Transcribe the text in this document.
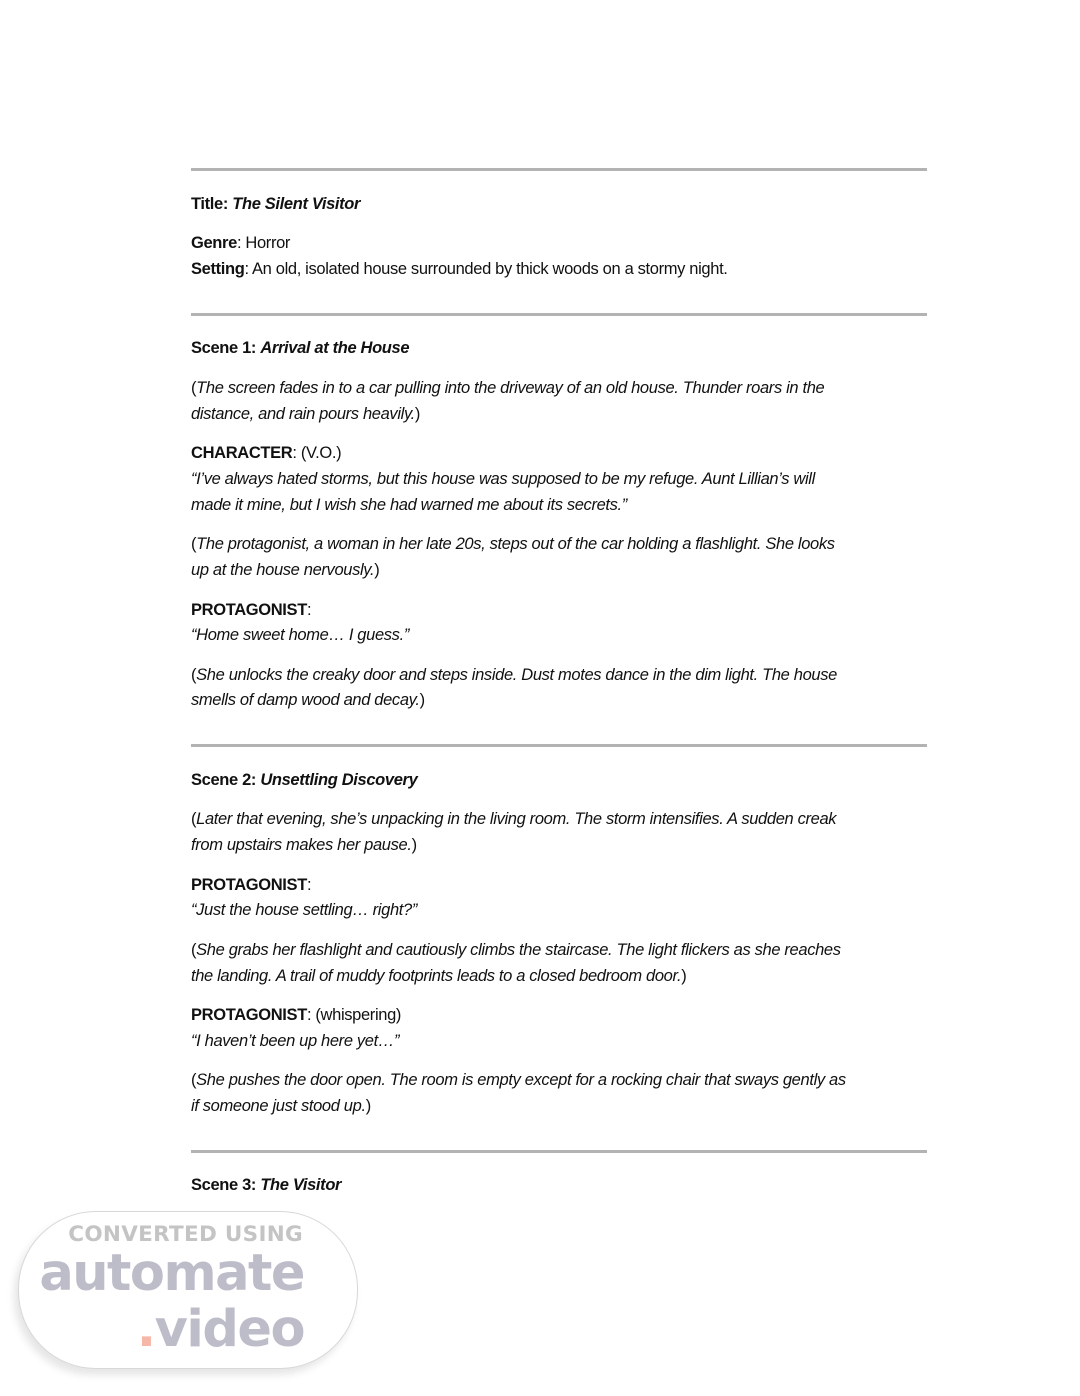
Title: The Silent Visitor
Genre: Horror
Setting: An old, isolated house surrounded by thick woods on a stormy night.
Scene 1: Arrival at the House
(The screen fades in to a car pulling into the driveway of an old house. Thunder roars in the
distance, and rain pours heavily.)
CHARACTER: (V.O.)
“I’ve always hated storms, but this house was supposed to be my refuge. Aunt Lillian’s will
made it mine, but I wish she had warned me about its secrets.”
(The protagonist, a woman in her late 20s, steps out of the car holding a flashlight. She looks
up at the house nervously.)
PROTAGONIST:
“Home sweet home… I guess.”
(She unlocks the creaky door and steps inside. Dust motes dance in the dim light. The house
smells of damp wood and decay.)
Scene 2: Unsettling Discovery
(Later that evening, she’s unpacking in the living room. The storm intensifies. A sudden creak
from upstairs makes her pause.)
PROTAGONIST:
“Just the house settling… right?”
(She grabs her flashlight and cautiously climbs the staircase. The light flickers as she reaches
the landing. A trail of muddy footprints leads to a closed bedroom door.)
PROTAGONIST: (whispering)
“I haven’t been up here yet…”
(She pushes the door open. The room is empty except for a rocking chair that sways gently as
if someone just stood up.)
Scene 3: The Visitor
CONVERTED USING
automate
.video
